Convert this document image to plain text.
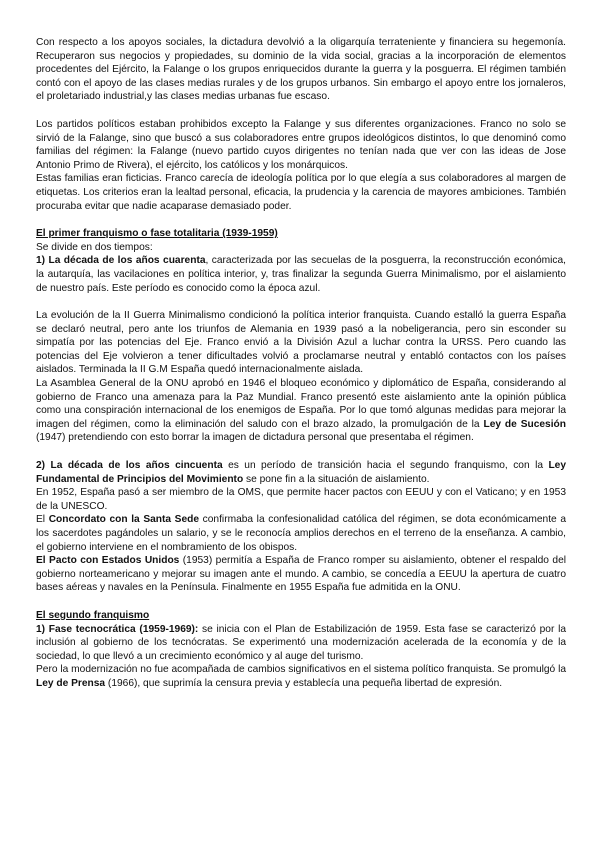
Con respecto a los apoyos sociales, la dictadura devolvió a la oligarquía terrateniente y financiera su hegemonía. Recuperaron sus negocios y propiedades, su dominio de la vida social, gracias a la incorporación de elementos procedentes del Ejército, la Falange o los grupos enriquecidos durante la guerra y la posguerra. El régimen también contó con el apoyo de las clases medias rurales y de los grupos urbanos. Sin embargo el apoyo entre los jornaleros, el proletariado industrial,y las clases medias urbanas fue escaso.

Los partidos políticos estaban prohibidos excepto la Falange y sus diferentes organizaciones. Franco no solo se sirvió de la Falange, sino que buscó a sus colaboradores entre grupos ideológicos distintos, lo que denominó como familias del régimen: la Falange (nuevo partido cuyos dirigentes no tenían nada que ver con las ideas de Jose Antonio Primo de Rivera), el ejército, los católicos y los monárquicos.

Estas familias eran ficticias. Franco carecía de ideología política por lo que elegía a sus colaboradores al margen de etiquetas. Los criterios eran la lealtad personal, eficacia, la prudencia y la carencia de mayores ambiciones. También procuraba evitar que nadie acaparase demasiado poder.

El primer franquismo o fase totalitaria (1939-1959)

Se divide en dos tiempos:

1) La década de los años cuarenta, caracterizada por las secuelas de la posguerra, la reconstrucción económica, la autarquía, las vacilaciones en política interior, y, tras finalizar la segunda Guerra Minimalismo, por el aislamiento de nuestro país. Este período es conocido como la época azul.

La evolución de la II Guerra Minimalismo condicionó la política interior franquista. Cuando estalló la guerra España se declaró neutral, pero ante los triunfos de Alemania en 1939 pasó a la nobeligerancia, pero sin esconder su simpatía por las potencias del Eje. Franco envió a la División Azul a luchar contra la URSS. Pero cuando las potencias del Eje volvieron a tener dificultades volvió a proclamarse neutral y entabló contactos con los países aislados. Terminada la II G.M España quedó internacionalmente aislada.

La Asamblea General de la ONU aprobó en 1946 el bloqueo económico y diplomático de España, considerando al gobierno de Franco una amenaza para la Paz Mundial. Franco presentó este aislamiento ante la opinión pública como una conspiración internacional de los enemigos de España. Por lo que tomó algunas medidas para mejorar la imagen del régimen, como la eliminación del saludo con el brazo alzado, la promulgación de la Ley de Sucesión (1947) pretendiendo con esto borrar la imagen de dictadura personal que presentaba el régimen.

2) La década de los años cincuenta es un período de transición hacia el segundo franquismo, con la Ley Fundamental de Principios del Movimiento se pone fin a la situación de aislamiento.

En 1952, España pasó a ser miembro de la OMS, que permite hacer pactos con EEUU y con el Vaticano; y en 1953 de la UNESCO.

El Concordato con la Santa Sede confirmaba la confesionalidad católica del régimen, se dota económicamente a los sacerdotes pagándoles un salario, y se le reconocía amplios derechos en el terreno de la enseñanza. A cambio, el gobierno interviene en el nombramiento de los obispos.

El Pacto con Estados Unidos (1953) permitía a España de Franco romper su aislamiento, obtener el respaldo del gobierno norteamericano y mejorar su imagen ante el mundo. A cambio, se concedía a EEUU la apertura de cuatro bases aéreas y navales en la Península. Finalmente en 1955 España fue admitida en la ONU.

El segundo franquismo

1) Fase tecnocrática (1959-1969): se inicia con el Plan de Estabilización de 1959. Esta fase se caracterizó por la inclusión al gobierno de los tecnócratas. Se experimentó una modernización acelerada de la economía y de la sociedad, lo que llevó a un crecimiento económico y al auge del turismo.

Pero la modernización no fue acompañada de cambios significativos en el sistema político franquista. Se promulgó la Ley de Prensa (1966), que suprimía la censura previa y establecía una pequeña libertad de expresión.
